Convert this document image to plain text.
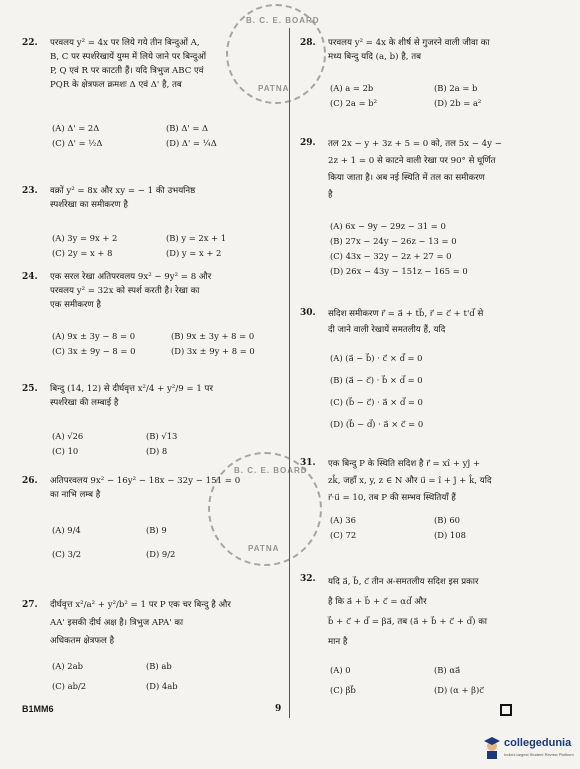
22. परवलय y² = 4x पर लिये गये तीन बिन्दुओं A,
B, C पर स्पर्शरेखायें युग्म में लिये जाने पर बिन्दुओं
P, Q एवं R पर काटती हैं। यदि त्रिभुज ABC एवं
PQR के क्षेत्रफल क्रमशः Δ एवं Δ' है, तब
(A) Δ' = 2Δ	(B) Δ' = Δ
(C) Δ' = ½Δ	(D) Δ' = ¼Δ
23. वक्रों y² = 8x और xy = − 1 की उभयनिष्ठ
स्पर्शरेखा का समीकरण है
(A) 3y = 9x + 2	(B) y = 2x + 1
(C) 2y = x + 8	(D) y = x + 2
24. एक सरल रेखा अतिपरवलय 9x² − 9y² = 8 और
परवलय y² = 32x को स्पर्श करती है। रेखा का
एक समीकरण है
(A) 9x ± 3y − 8 = 0	(B) 9x ± 3y + 8 = 0
(C) 3x ± 9y − 8 = 0	(D) 3x ± 9y + 8 = 0
25. बिन्दु (14, 12) से दीर्घवृत्त x²/4 + y²/9 = 1 पर
स्पर्शरेखा की लम्बाई है
(A) √26	(B) √13
(C) 10	(D) 8
26. अतिपरवलय 9x² − 16y² − 18x − 32y − 151 = 0
का नाभि लम्ब है
(A) 9/4	(B) 9
(C) 3/2	(D) 9/2
27. दीर्घवृत्त x²/a² + y²/b² = 1 पर P एक चर बिन्दु है और
AA' इसकी दीर्घ अक्ष है। त्रिभुज APA' का
अधिकतम क्षेत्रफल है
(A) 2ab	(B) ab
(C) ab/2	(D) 4ab
28. परवलय y² = 4x के शीर्ष से गुजरने वाली जीवा का
मध्य बिन्दु यदि (a, b) है, तब
(A) a = 2b	(B) 2a = b
(C) 2a = b²	(D) 2b = a²
29. तल 2x − y + 3z + 5 = 0 को, तल 5x − 4y −
2z + 1 = 0 से काटने वाली रेखा पर 90° से घूर्णित
किया जाता है। अब नई स्थिति में तल का समीकरण
है
(A) 6x − 9y − 29z − 31 = 0
(B) 27x − 24y − 26z − 13 = 0
(C) 43x − 32y − 2z + 27 = 0
(D) 26x − 43y − 151z − 165 = 0
30. सदिश समीकरण r⃗ = a⃗ + tb⃗, r⃗ = c⃗ + t'd⃗ से
दी जाने वाली रेखायें समतलीय हैं, यदि
(A) (a⃗ − b⃗) · c⃗ × d⃗ = 0
(B) (a⃗ − c⃗) · b⃗ × d⃗ = 0
(C) (b⃗ − c⃗) · a⃗ × d⃗ = 0
(D) (b⃗ − d⃗) · a⃗ × c⃗ = 0
31. एक बिन्दु P के स्थिति सदिश है r⃗ = xî + yĵ +
zk̂, जहाँ x, y, z ∈ N और u⃗ = î + ĵ + k̂, यदि
r⃗·u⃗ = 10, तब P की सम्भव स्थितियाँ हैं
(A) 36	(B) 60
(C) 72	(D) 108
32. यदि a⃗, b⃗, c⃗ तीन अ-समतलीय सदिश इस प्रकार
है कि a⃗ + b⃗ + c⃗ = αd⃗ और
b⃗ + c⃗ + d⃗ = βa⃗, तब (a⃗ + b⃗ + c⃗ + d⃗) का
मान है
(A) 0	(B) αa⃗
(C) βb⃗	(D) (α + β)c⃗
B. C. E. BOARD
PATNA
B. C. E. BOARD
PATNA
B1MM6	9
collegedunia
India's largest Student Review Platform
